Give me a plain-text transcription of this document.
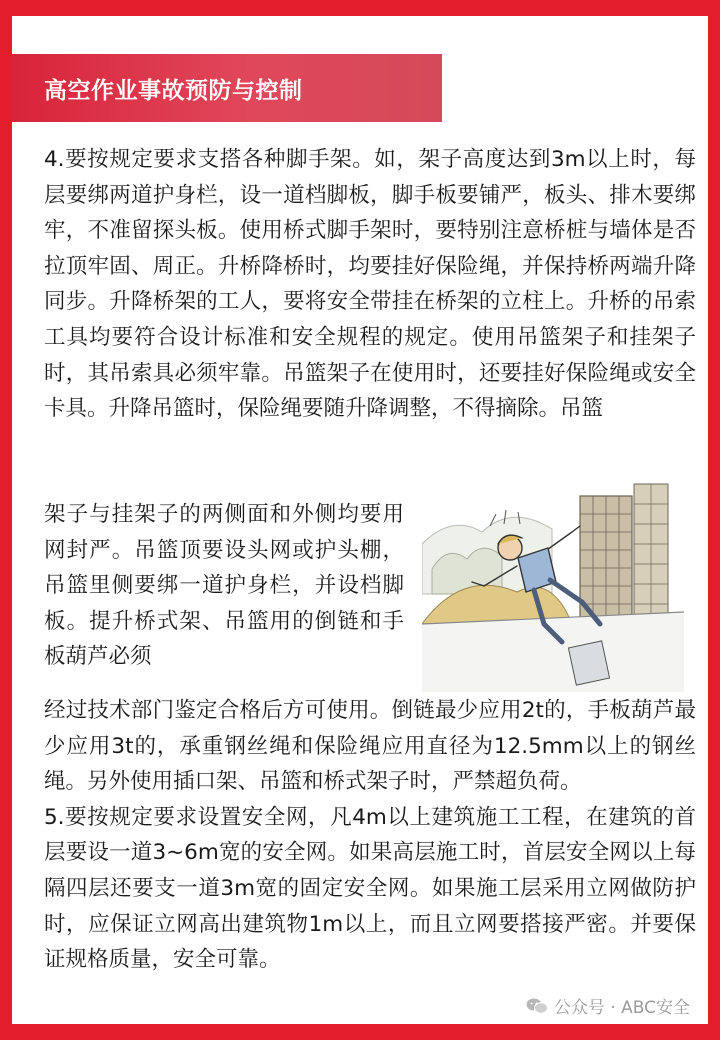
高空作业事故预防与控制

4.要按规定要求支搭各种脚手架。如，架子高度达到3m以上时，每层要绑两道护身栏，设一道档脚板，脚手板要铺严，板头、排木要绑牢，不准留探头板。使用桥式脚手架时，要特别注意桥桩与墙体是否拉顶牢固、周正。升桥降桥时，均要挂好保险绳，并保持桥两端升降同步。升降桥架的工人，要将安全带挂在桥架的立柱上。升桥的吊索工具均要符合设计标准和安全规程的规定。使用吊篮架子和挂架子时，其吊索具必须牢靠。吊篮架子在使用时，还要挂好保险绳或安全卡具。升降吊篮时，保险绳要随升降调整，不得摘除。吊篮

架子与挂架子的两侧面和外侧均要用网封严。吊篮顶要设头网或护头棚，吊篮里侧要绑一道护身栏，并设档脚板。提升桥式架、吊篮用的倒链和手板葫芦必须

经过技术部门鉴定合格后方可使用。倒链最少应用2t的，手板葫芦最少应用3t的，承重钢丝绳和保险绳应用直径为12.5mm以上的钢丝绳。另外使用插口架、吊篮和桥式架子时，严禁超负荷。
5.要按规定要求设置安全网，凡4m以上建筑施工工程，在建筑的首层要设一道3~6m宽的安全网。如果高层施工时，首层安全网以上每隔四层还要支一道3m宽的固定安全网。如果施工层采用立网做防护时，应保证立网高出建筑物1m以上，而且立网要搭接严密。并要保证规格质量，安全可靠。

公众号 · ABC安全
